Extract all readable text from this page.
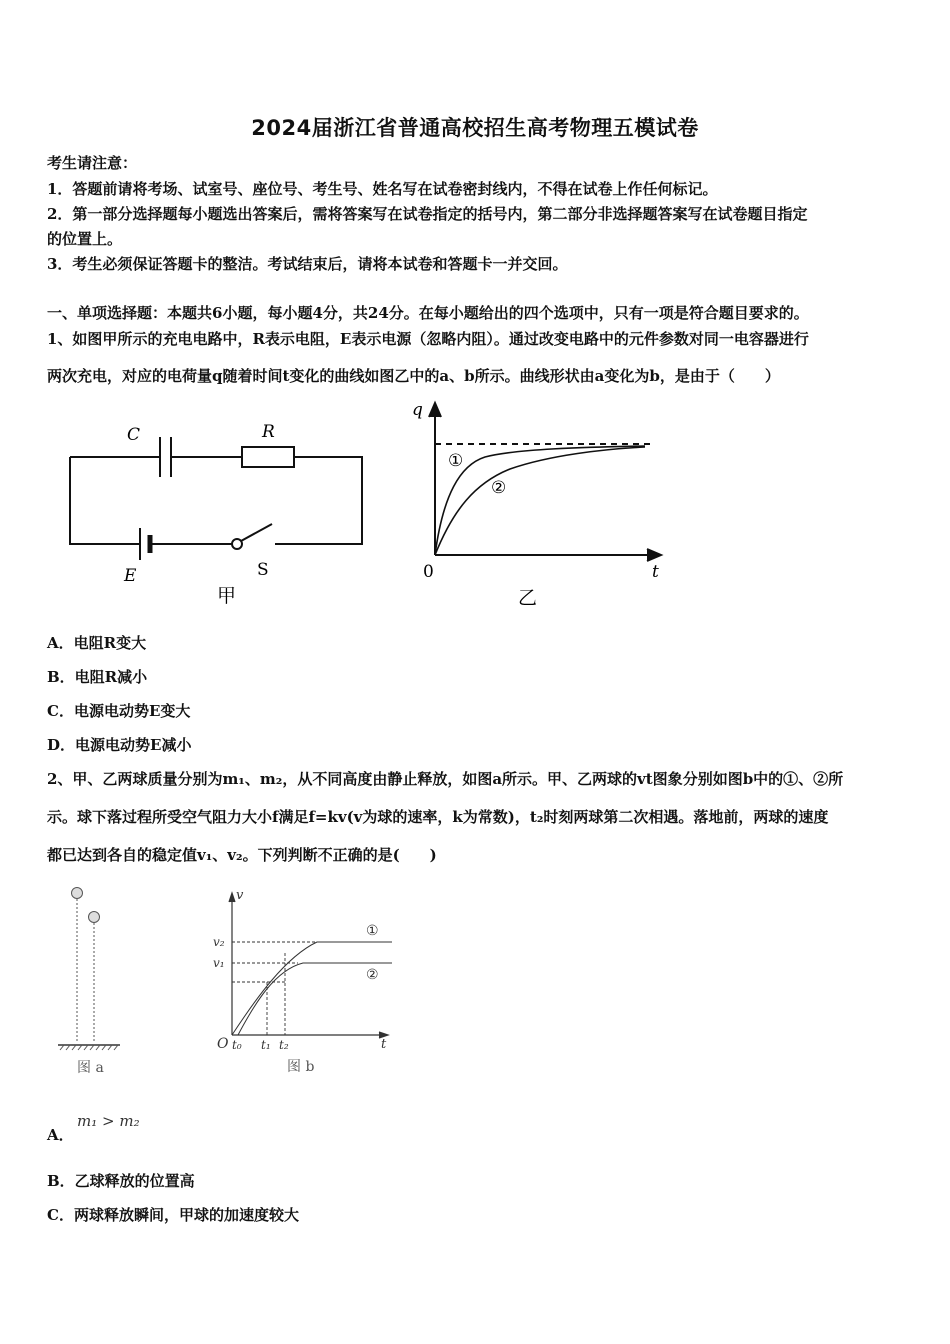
2024届浙江省普通高校招生高考物理五模试卷
考生请注意：
1．答题前请将考场、试室号、座位号、考生号、姓名写在试卷密封线内，不得在试卷上作任何标记。
2．第一部分选择题每小题选出答案后，需将答案写在试卷指定的括号内，第二部分非选择题答案写在试卷题目指定
的位置上。
3．考生必须保证答题卡的整洁。考试结束后，请将本试卷和答题卡一并交回。
一、单项选择题：本题共6小题，每小题4分，共24分。在每小题给出的四个选项中，只有一项是符合题目要求的。
1、如图甲所示的充电电路中，R表示电阻，E表示电源（忽略内阻）。通过改变电路中的元件参数对同一电容器进行
两次充电，对应的电荷量q随着时间t变化的曲线如图乙中的a、b所示。曲线形状由a变化为b，是由于（　　）
C	R
E	S
甲
q
t
0
①
②
乙
A．电阻R变大
B．电阻R减小
C．电源电动势E变大
D．电源电动势E减小
2、甲、乙两球质量分别为m₁、m₂，从不同高度由静止释放，如图a所示。甲、乙两球的vt图象分别如图b中的①、②所
示。球下落过程所受空气阻力大小f满足f=kv(v为球的速率，k为常数)，t₂时刻两球第二次相遇。落地前，两球的速度
都已达到各自的稳定值v₁、v₂。下列判断不正确的是(　　)
图 a
v
t
O
v₂
v₁
t₀ t₁ t₂
①
②
图 b
A．
m₁ > m₂
B．乙球释放的位置高
C．两球释放瞬间，甲球的加速度较大
